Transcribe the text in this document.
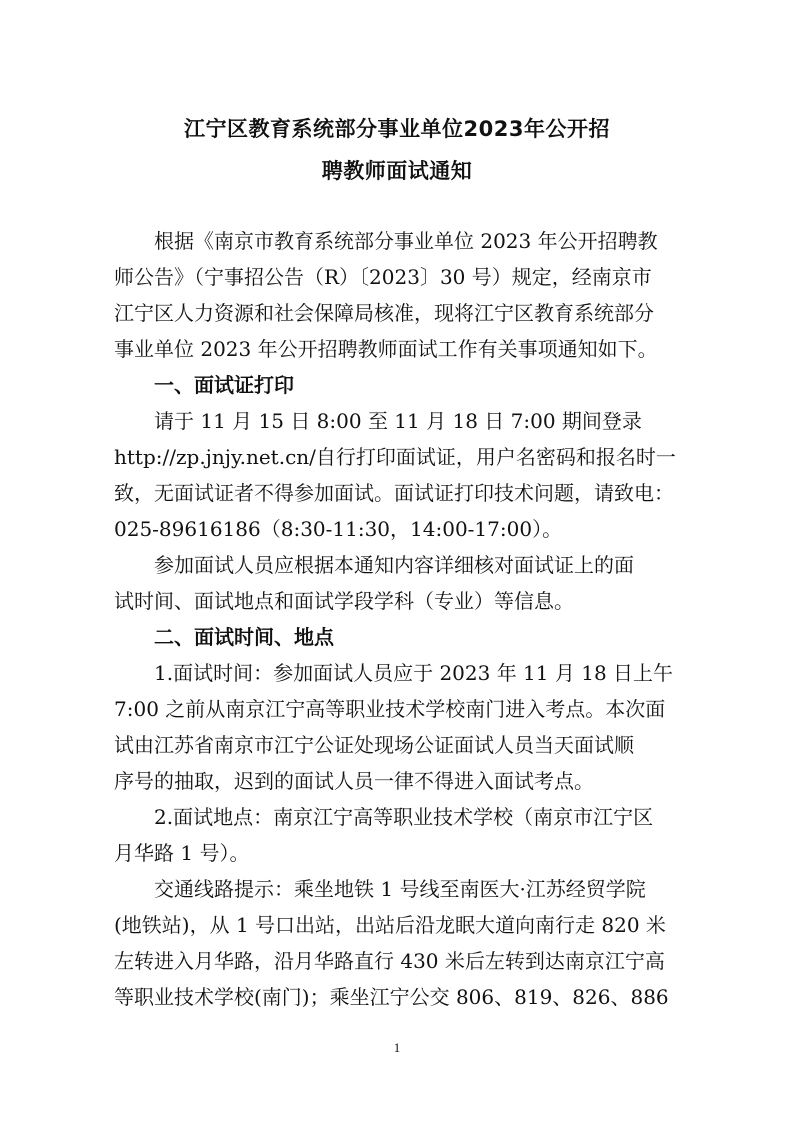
江宁区教育系统部分事业单位2023年公开招
聘教师面试通知

根据《南京市教育系统部分事业单位 2023 年公开招聘教

师公告》（宁事招公告（R）〔2023〕30 号）规定，经南京市

江宁区人力资源和社会保障局核准，现将江宁区教育系统部分

事业单位 2023 年公开招聘教师面试工作有关事项通知如下。

一、面试证打印

请于 11 月 15 日 8:00 至 11 月 18 日 7:00 期间登录

http://zp.jnjy.net.cn/自行打印面试证，用户名密码和报名时一

致，无面试证者不得参加面试。面试证打印技术问题，请致电：

025-89616186（8:30-11:30，14:00-17:00）。

参加面试人员应根据本通知内容详细核对面试证上的面

试时间、面试地点和面试学段学科（专业）等信息。

二、面试时间、地点

1.面试时间：参加面试人员应于 2023 年 11 月 18 日上午

7:00 之前从南京江宁高等职业技术学校南门进入考点。本次面

试由江苏省南京市江宁公证处现场公证面试人员当天面试顺

序号的抽取，迟到的面试人员一律不得进入面试考点。

2.面试地点：南京江宁高等职业技术学校（南京市江宁区

月华路 1 号）。

交通线路提示：乘坐地铁 1 号线至南医大·江苏经贸学院

(地铁站)，从 1 号口出站，出站后沿龙眠大道向南行走 820 米

左转进入月华路，沿月华路直行 430 米后左转到达南京江宁高

等职业技术学校(南门)；乘坐江宁公交 806、819、826、886

1
